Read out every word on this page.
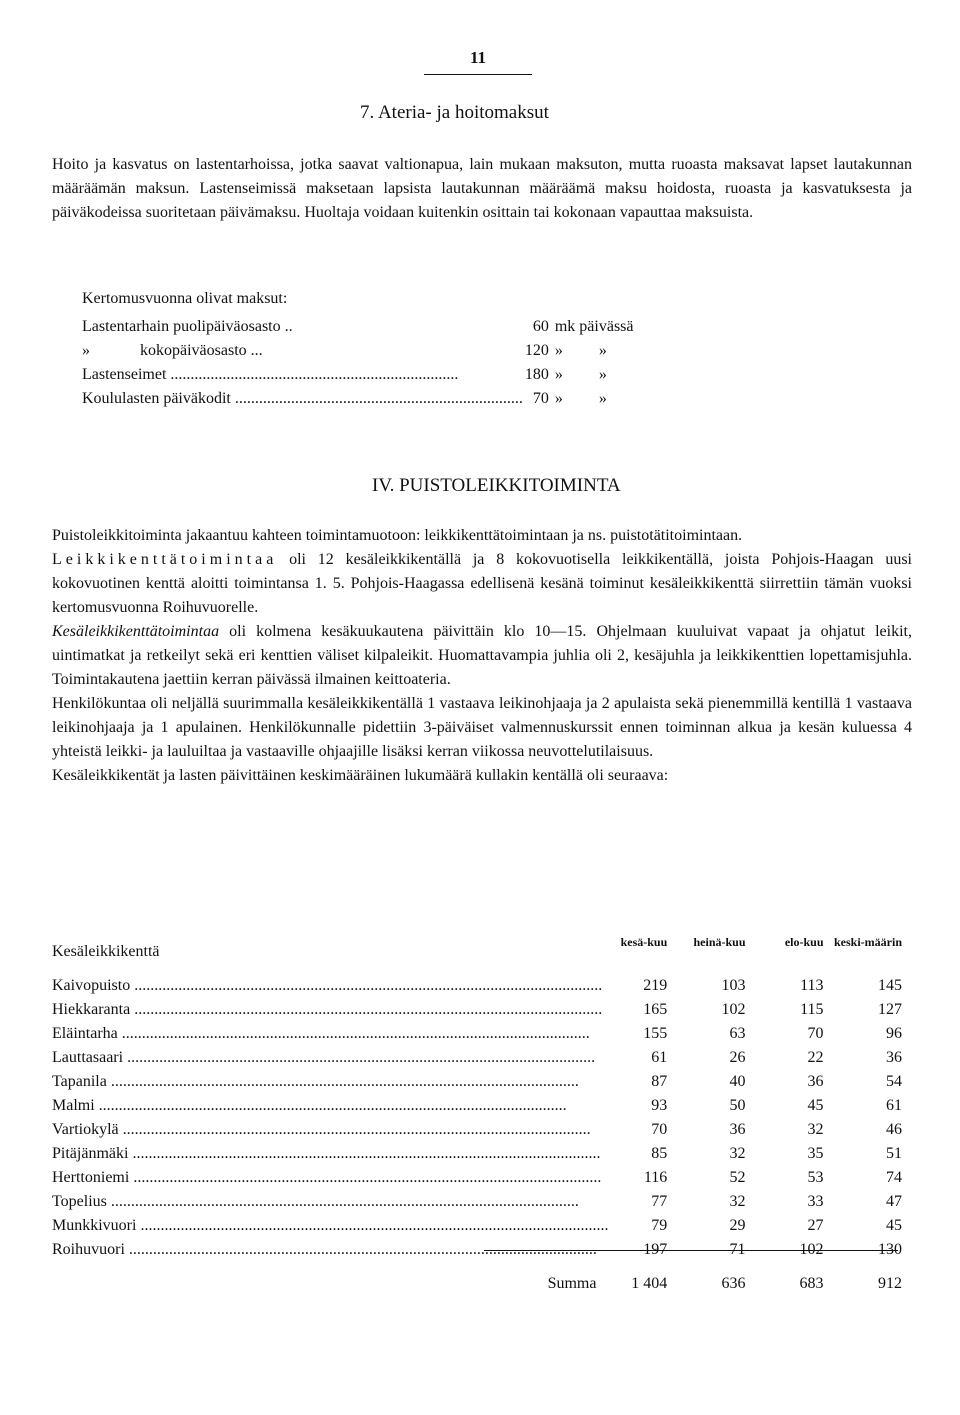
11
7. Ateria- ja hoitomaksut

Hoito ja kasvatus on lastentarhoissa, jotka saavat valtionapua, lain mukaan maksuton, mutta ruoasta maksavat lapset lautakunnan määräämän maksun. Lastenseimissä maksetaan lapsista lautakunnan määräämä maksu hoidosta, ruoasta ja kasvatuksesta ja päiväkodeissa suoritetaan päivämaksu. Huoltaja voidaan kuitenkin osittain tai kokonaan vapauttaa maksuista.

Kertomusvuonna olivat maksut:
Lastentarhain puolipäiväosasto ..	60	mk päivässä

» kokopäiväosasto ...	120	» »
Lastenseimet .....	180	» »
Koululasten päiväkodit .....	70	» »
IV. PUISTOLEIKKITOIMINTA

Puistoleikkitoiminta jakaantuu kahteen toimintamuotoon: leikkikenttätoimintaan ja ns. puistotätitoimintaan.

Leikkikenttätoimintaa oli 12 kesäleikkikentällä ja 8 kokovuotisella leikkikentällä, joista Pohjois-Haagan uusi kokovuotinen kenttä aloitti toimintansa 1. 5. Pohjois-Haagassa edellisenä kesänä toiminut kesäleikkikenttä siirrettiin tämän vuoksi kertomusvuonna Roihuvuorelle.

Kesäleikkikenttätoimintaa oli kolmena kesäkuukautena päivittäin klo 10—15. Ohjelmaan kuuluivat vapaat ja ohjatut leikit, uintimatkat ja retkeilyt sekä eri kenttien väliset kilpaleikit. Huomattavampia juhlia oli 2, kesäjuhla ja leikkikenttien lopettamisjuhla. Toimintakautena jaettiin kerran päivässä ilmainen keittoateria.

Henkilökuntaa oli neljällä suurimmalla kesäleikkikentällä 1 vastaava leikinohjaaja ja 2 apulaista sekä pienemmillä kentillä 1 vastaava leikinohjaaja ja 1 apulainen. Henkilökunnalle pidettiin 3-päiväiset valmennuskurssit ennen toiminnan alkua ja kesän kuluessa 4 yhteistä leikki- ja lauluiltaa ja vastaaville ohjaajille lisäksi kerran viikossa neuvottelutilaisuus.

Kesäleikkikentät ja lasten päivittäinen keskimääräinen lukumäärä kullakin kentällä oli seuraava:

Kesäleikkikenttä	kesä-kuu	heinä-kuu	elo-kuu	keski-määrin

Kaivopuisto .....	219	103	113	145
Hiekkaranta .....	165	102	115	127
Eläintarha .....	155	63	70	96
Lauttasaari .....	61	26	22	36
Tapanila .....	87	40	36	54
Malmi .....	93	50	45	61
Vartiokylä .....	70	36	32	46
Pitäjänmäki .....	85	32	35	51
Herttoniemi .....	116	52	53	74
Topelius .....	77	32	33	47
Munkkivuori .....	79	29	27	45
Roihuvuori .....	197	71	102	130
Summa	1 404	636	683	912
